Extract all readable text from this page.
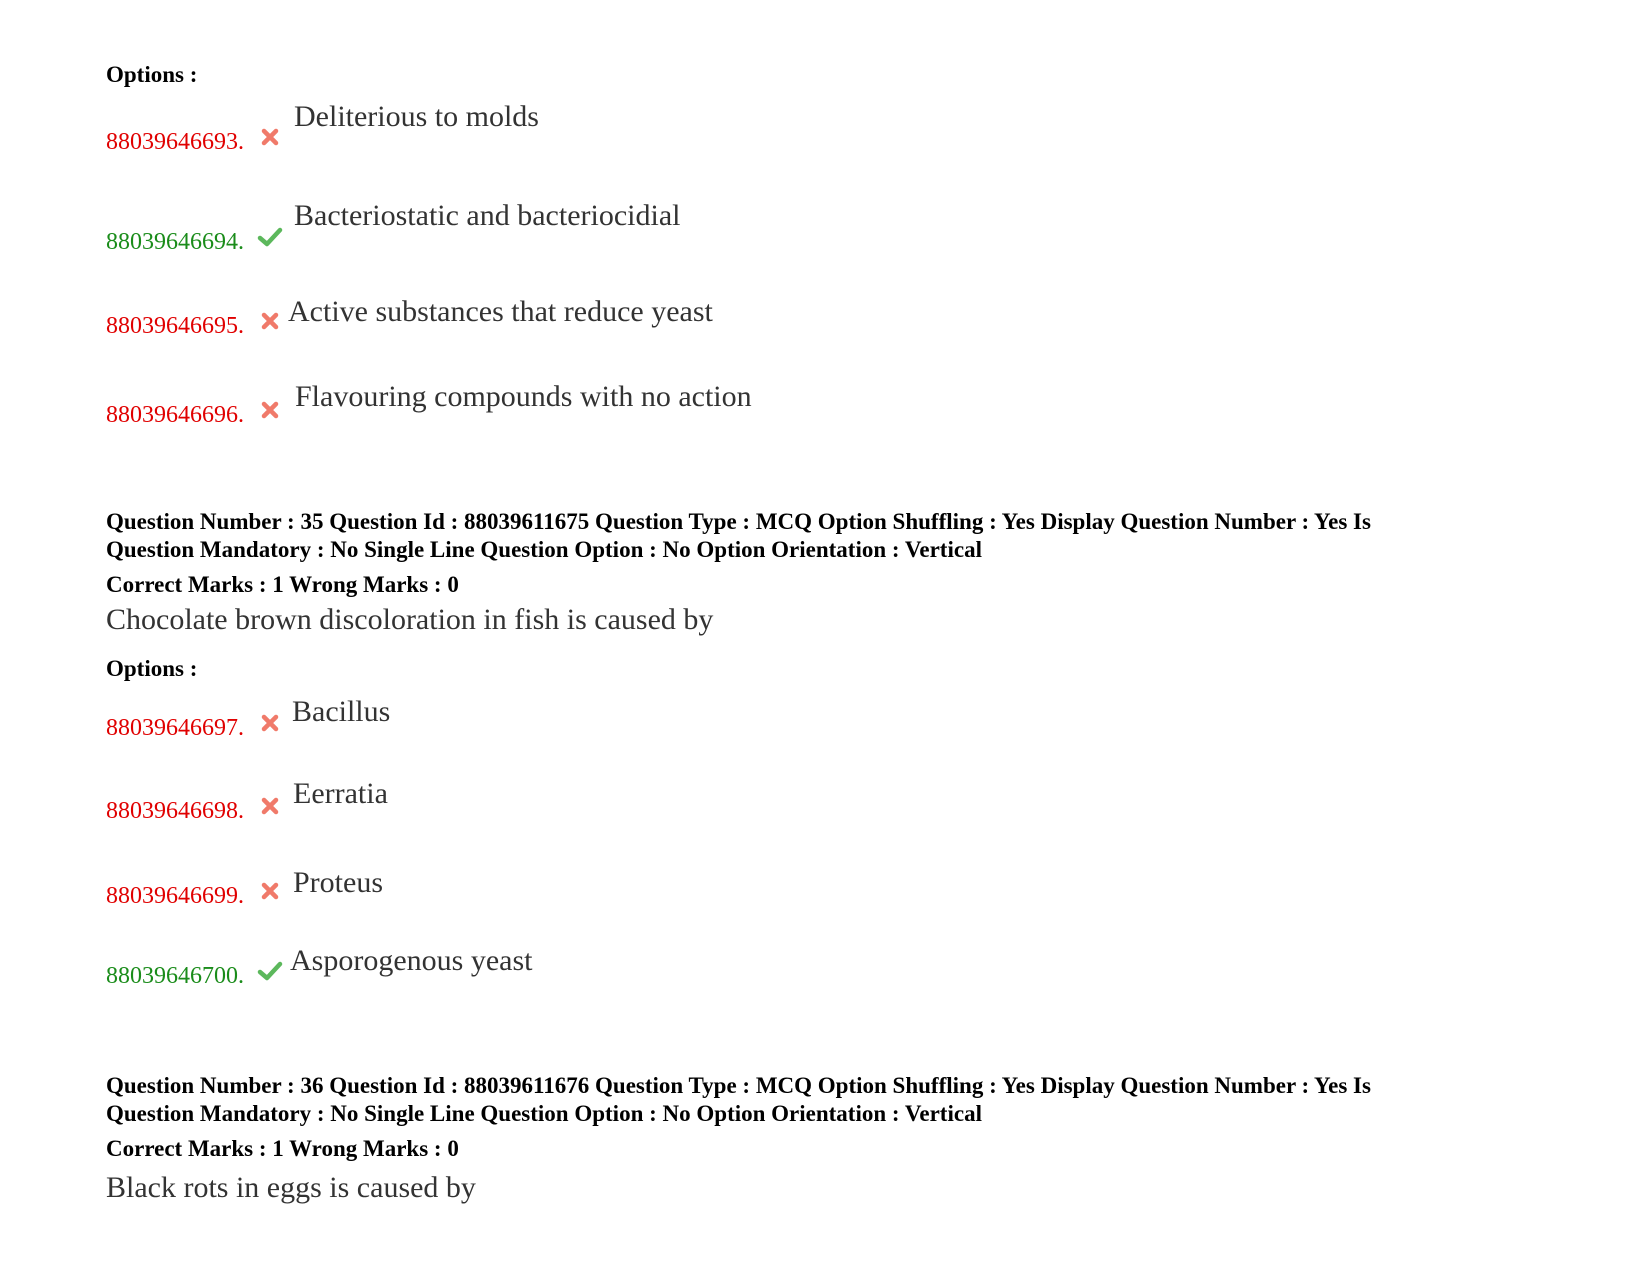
Options :
88039646693.
Deliterious to molds
88039646694.
Bacteriostatic and bacteriocidial
88039646695. Active substances that reduce yeast
88039646696.
Flavouring compounds with no action
Question Number : 35 Question Id : 88039611675 Question Type : MCQ Option Shuffling : Yes Display Question Number : Yes Is
Question Mandatory : No Single Line Question Option : No Option Orientation : Vertical
Correct Marks : 1 Wrong Marks : 0
Chocolate brown discoloration in fish is caused by
Options :
88039646697. Bacillus
88039646698.
Eerratia
88039646699. Proteus
88039646700. Asporogenous yeast
Question Number : 36 Question Id : 88039611676 Question Type : MCQ Option Shuffling : Yes Display Question Number : Yes Is
Question Mandatory : No Single Line Question Option : No Option Orientation : Vertical
Correct Marks : 1 Wrong Marks : 0
Black rots in eggs is caused by
